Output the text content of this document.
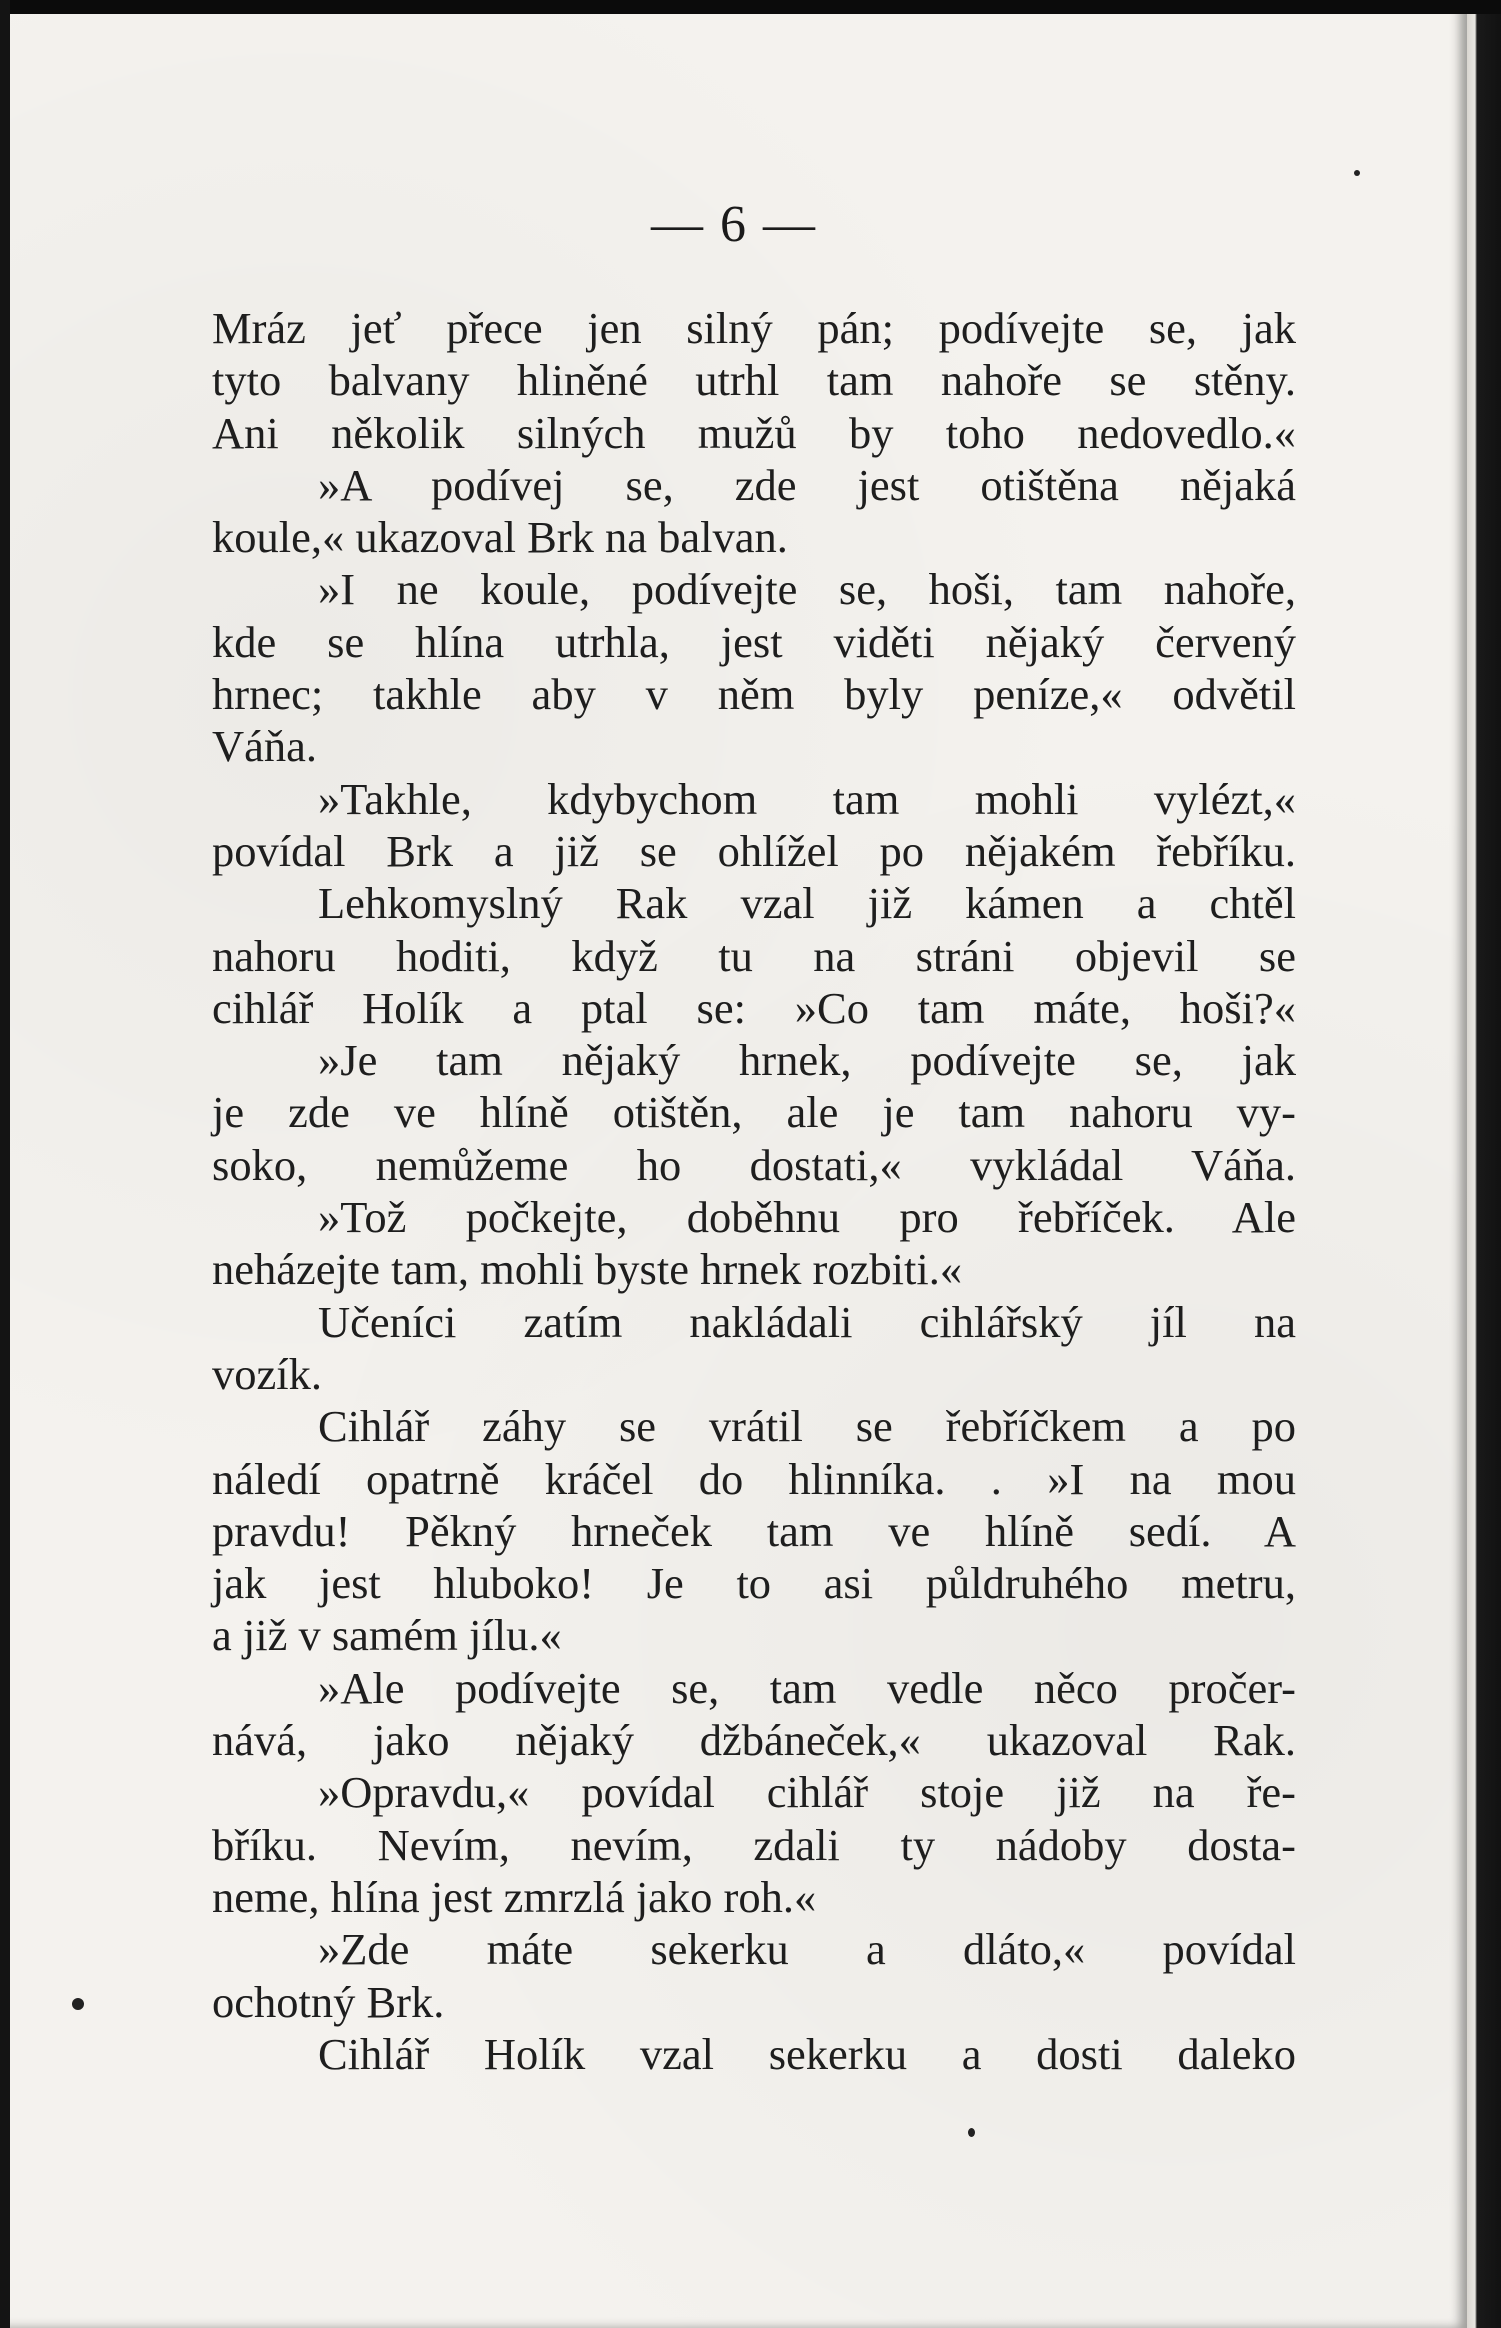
— 6 —
Mráz jeť přece jen silný pán; podívejte se, jak
tyto balvany hliněné utrhl tam nahoře se stěny.
Ani několik silných mužů by toho nedovedlo.«
»A podívej se, zde jest otištěna nějaká
koule,« ukazoval Brk na balvan.
»I ne koule, podívejte se, hoši, tam nahoře,
kde se hlína utrhla, jest viděti nějaký červený
hrnec; takhle aby v něm byly peníze,« odvětil
Váňa.
»Takhle, kdybychom tam mohli vylézt,«
povídal Brk a již se ohlížel po nějakém řebříku.
Lehkomyslný Rak vzal již kámen a chtěl
nahoru hoditi, když tu na stráni objevil se
cihlář Holík a ptal se: »Co tam máte, hoši?«
»Je tam nějaký hrnek, podívejte se, jak
je zde ve hlíně otištěn, ale je tam nahoru vy-
soko, nemůžeme ho dostati,« vykládal Váňa.
»Tož počkejte, doběhnu pro řebříček. Ale
neházejte tam, mohli byste hrnek rozbiti.«
Učeníci zatím nakládali cihlářský jíl na
vozík.
Cihlář záhy se vrátil se řebříčkem a po
náledí opatrně kráčel do hlinníka. . »I na mou
pravdu! Pěkný hrneček tam ve hlíně sedí. A
jak jest hluboko! Je to asi půldruhého metru,
a již v samém jílu.«
»Ale podívejte se, tam vedle něco pročer-
nává, jako nějaký džbáneček,« ukazoval Rak.
»Opravdu,« povídal cihlář stoje již na ře-
bříku. Nevím, nevím, zdali ty nádoby dosta-
neme, hlína jest zmrzlá jako roh.«
»Zde máte sekerku a dláto,« povídal
ochotný Brk.
Cihlář Holík vzal sekerku a dosti daleko
